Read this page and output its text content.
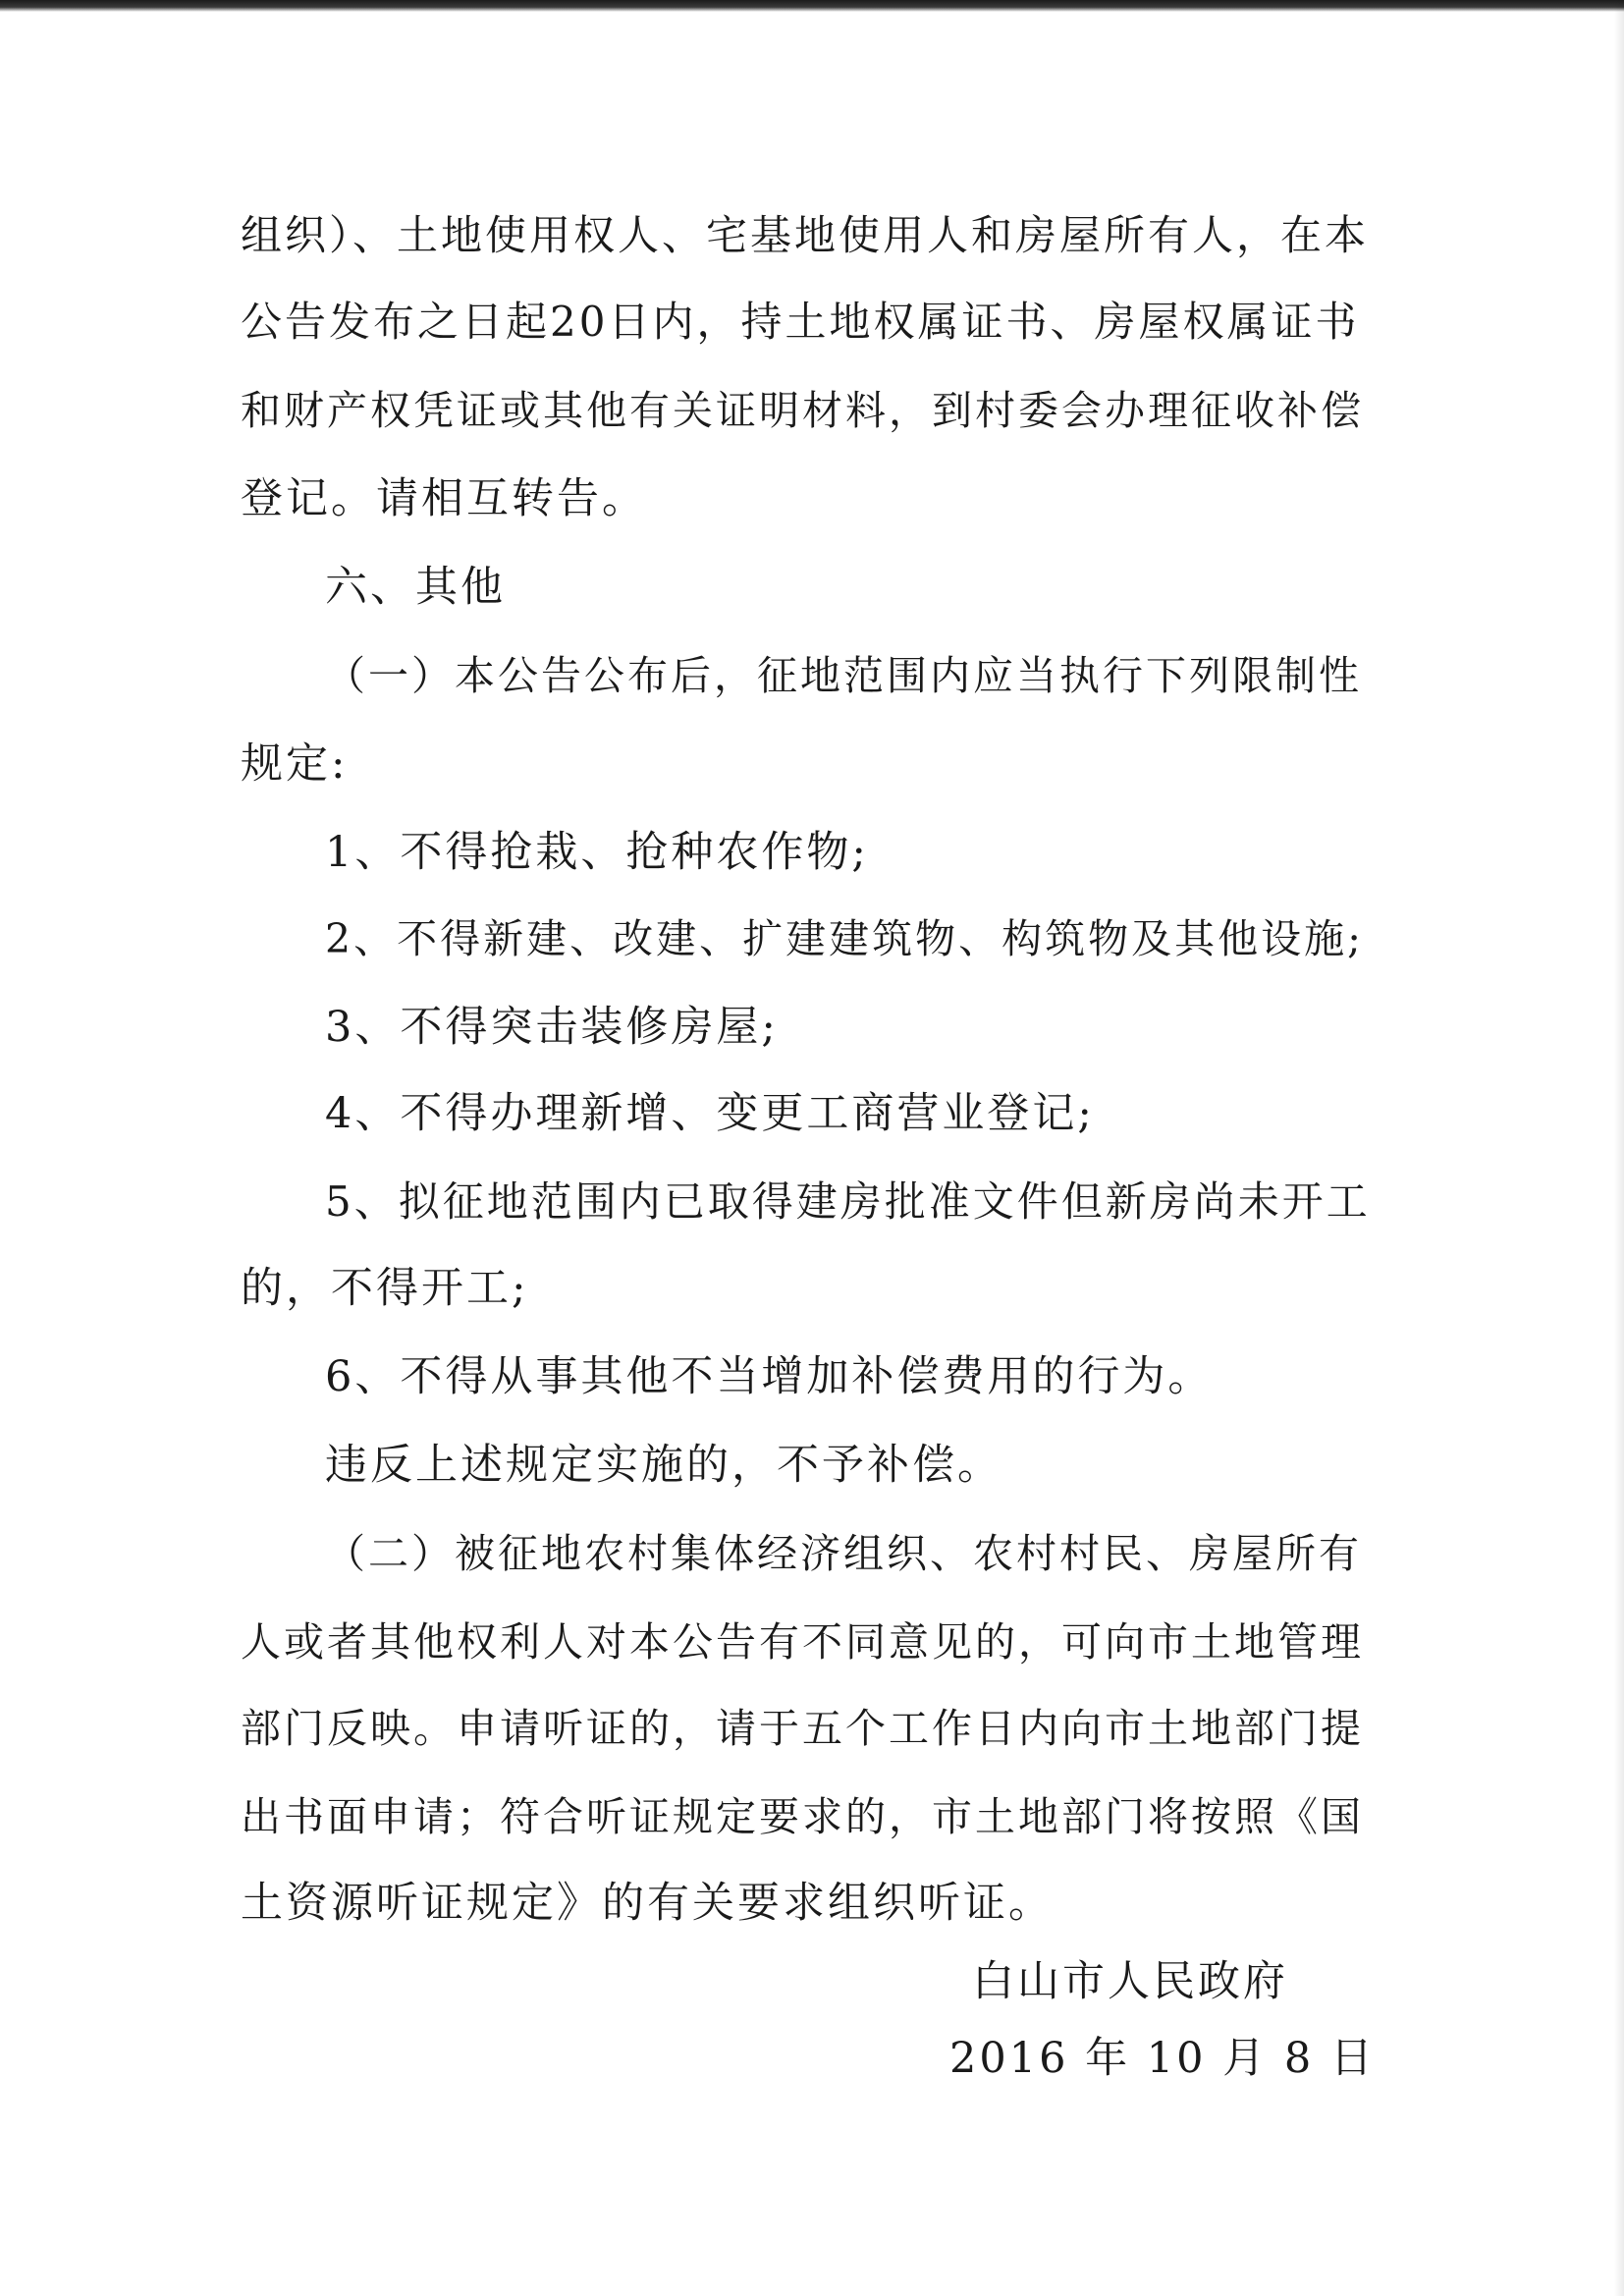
组织）、土地使用权人、宅基地使用人和房屋所有人，在本
公告发布之日起20日内，持土地权属证书、房屋权属证书
和财产权凭证或其他有关证明材料，到村委会办理征收补偿
登记。请相互转告。
六、其他
（一）本公告公布后，征地范围内应当执行下列限制性
规定:
1、不得抢栽、抢种农作物;
2、不得新建、改建、扩建建筑物、构筑物及其他设施;
3、不得突击装修房屋;
4、不得办理新增、变更工商营业登记;
5、拟征地范围内已取得建房批准文件但新房尚未开工
的，不得开工;
6、不得从事其他不当增加补偿费用的行为。
违反上述规定实施的，不予补偿。
（二）被征地农村集体经济组织、农村村民、房屋所有
人或者其他权利人对本公告有不同意见的，可向市土地管理
部门反映。申请听证的，请于五个工作日内向市土地部门提
出书面申请；符合听证规定要求的，市土地部门将按照《国
土资源听证规定》的有关要求组织听证。
白山市人民政府
2016 年 10 月 8 日
